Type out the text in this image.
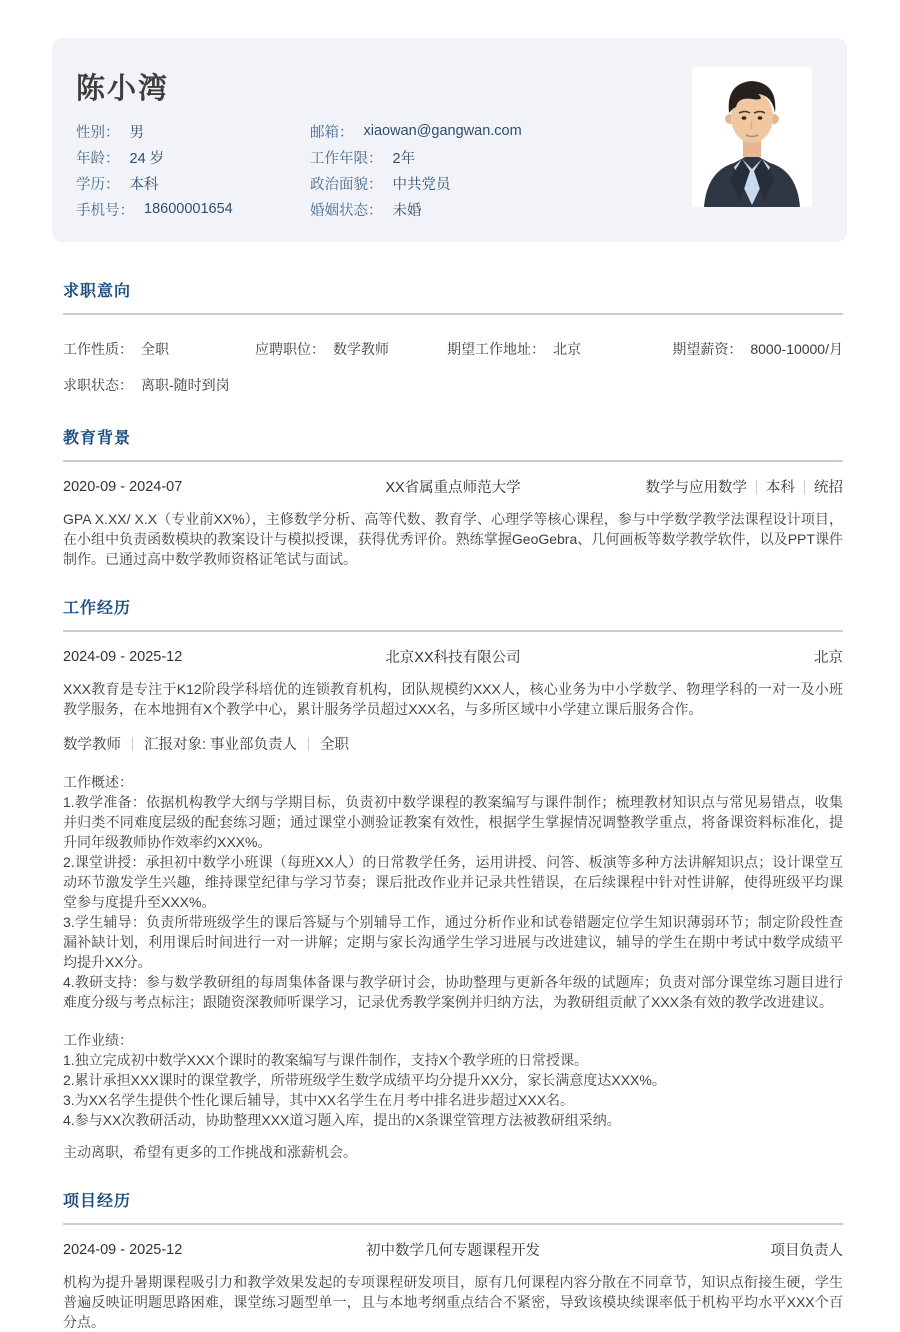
陈小湾
性别： 男
年龄： 24 岁
学历： 本科
手机号： 18600001654
邮箱： xiaowan@gangwan.com
工作年限： 2年
政治面貌： 中共党员
婚姻状态： 未婚
求职意向
工作性质： 全职	应聘职位： 数学教师	期望工作地址： 北京	期望薪资： 8000-10000/月
求职状态： 离职-随时到岗
教育背景
2020-09 - 2024-07	XX省属重点师范大学	数学与应用数学 本科 统招
GPA X.XX/ X.X（专业前XX%），主修数学分析、高等代数、教育学、心理学等核心课程，参与中学数学教学法课程设计项目，在小组中负责函数模块的教案设计与模拟授课，获得优秀评价。熟练掌握GeoGebra、几何画板等数学教学软件，以及PPT课件制作。已通过高中数学教师资格证笔试与面试。
工作经历
2024-09 - 2025-12	北京XX科技有限公司	北京
XXX教育是专注于K12阶段学科培优的连锁教育机构，团队规模约XXX人，核心业务为中小学数学、物理学科的一对一及小班教学服务，在本地拥有X个教学中心，累计服务学员超过XXX名，与多所区域中小学建立课后服务合作。
数学教师 汇报对象: 事业部负责人 全职
工作概述：
1.教学准备：依据机构教学大纲与学期目标，负责初中数学课程的教案编写与课件制作；梳理教材知识点与常见易错点，收集并归类不同难度层级的配套练习题；通过课堂小测验证教案有效性，根据学生掌握情况调整教学重点，将备课资料标准化，提升同年级教师协作效率约XXX%。
2.课堂讲授：承担初中数学小班课（每班XX人）的日常教学任务，运用讲授、问答、板演等多种方法讲解知识点；设计课堂互动环节激发学生兴趣，维持课堂纪律与学习节奏；课后批改作业并记录共性错误，在后续课程中针对性讲解，使得班级平均课堂参与度提升至XXX%。
3.学生辅导：负责所带班级学生的课后答疑与个别辅导工作，通过分析作业和试卷错题定位学生知识薄弱环节；制定阶段性查漏补缺计划，利用课后时间进行一对一讲解；定期与家长沟通学生学习进展与改进建议，辅导的学生在期中考试中数学成绩平均提升XX分。
4.教研支持：参与数学教研组的每周集体备课与教学研讨会，协助整理与更新各年级的试题库；负责对部分课堂练习题目进行难度分级与考点标注；跟随资深教师听课学习，记录优秀教学案例并归纳方法，为教研组贡献了XXX条有效的教学改进建议。
工作业绩：
1.独立完成初中数学XXX个课时的教案编写与课件制作，支持X个教学班的日常授课。
2.累计承担XXX课时的课堂教学，所带班级学生数学成绩平均分提升XX分，家长满意度达XXX%。
3.为XX名学生提供个性化课后辅导，其中XX名学生在月考中排名进步超过XXX名。
4.参与XX次教研活动，协助整理XXX道习题入库，提出的X条课堂管理方法被教研组采纳。
主动离职，希望有更多的工作挑战和涨薪机会。
项目经历
2024-09 - 2025-12	初中数学几何专题课程开发	项目负责人
机构为提升暑期课程吸引力和教学效果发起的专项课程研发项目，原有几何课程内容分散在不同章节，知识点衔接生硬，学生普遍反映证明题思路困难，课堂练习题型单一，且与本地考纲重点结合不紧密，导致该模块续课率低于机构平均水平XXX个百分点。
